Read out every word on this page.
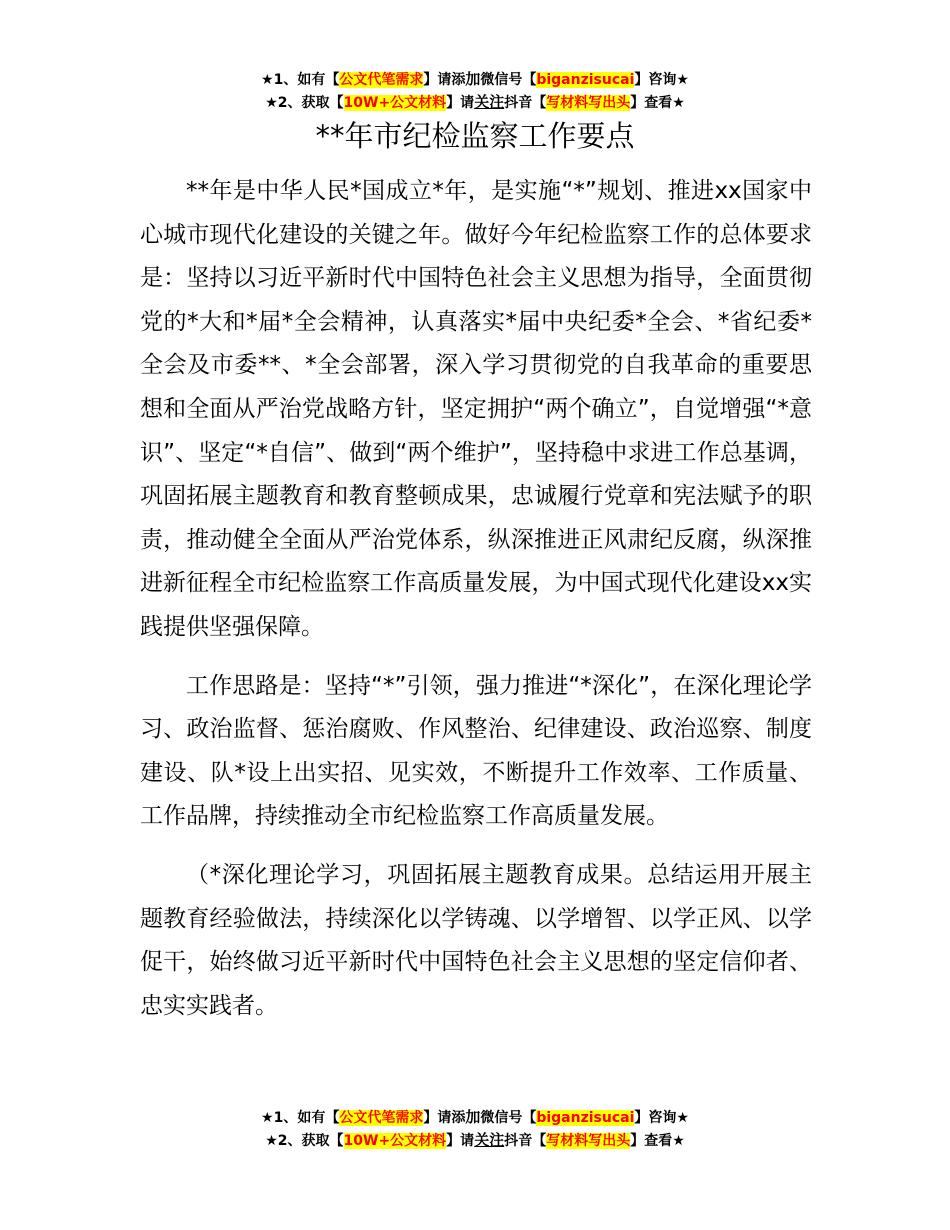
★1、如有【公文代笔需求】请添加微信号【biganzisucai】咨询★
★2、获取【10W+公文材料】请关注抖音【写材料写出头】查看★
**年市纪检监察工作要点

**年是中华人民*国成立*年，是实施“*”规划、推进xx国家中心城市现代化建设的关键之年。做好今年纪检监察工作的总体要求是：坚持以习近平新时代中国特色社会主义思想为指导，全面贯彻党的*大和*届*全会精神，认真落实*届中央纪委*全会、*省纪委*全会及市委**、*全会部署，深入学习贯彻党的自我革命的重要思想和全面从严治党战略方针，坚定拥护“两个确立”，自觉增强“*意识”、坚定“*自信”、做到“两个维护”，坚持稳中求进工作总基调，巩固拓展主题教育和教育整顿成果，忠诚履行党章和宪法赋予的职责，推动健全全面从严治党体系，纵深推进正风肃纪反腐，纵深推进新征程全市纪检监察工作高质量发展，为中国式现代化建设xx实践提供坚强保障。

工作思路是：坚持“*”引领，强力推进“*深化”，在深化理论学习、政治监督、惩治腐败、作风整治、纪律建设、政治巡察、制度建设、队*设上出实招、见实效，不断提升工作效率、工作质量、工作品牌，持续推动全市纪检监察工作高质量发展。

（*深化理论学习，巩固拓展主题教育成果。总结运用开展主题教育经验做法，持续深化以学铸魂、以学增智、以学正风、以学促干，始终做习近平新时代中国特色社会主义思想的坚定信仰者、忠实实践者。

★1、如有【公文代笔需求】请添加微信号【biganzisucai】咨询★
★2、获取【10W+公文材料】请关注抖音【写材料写出头】查看★
